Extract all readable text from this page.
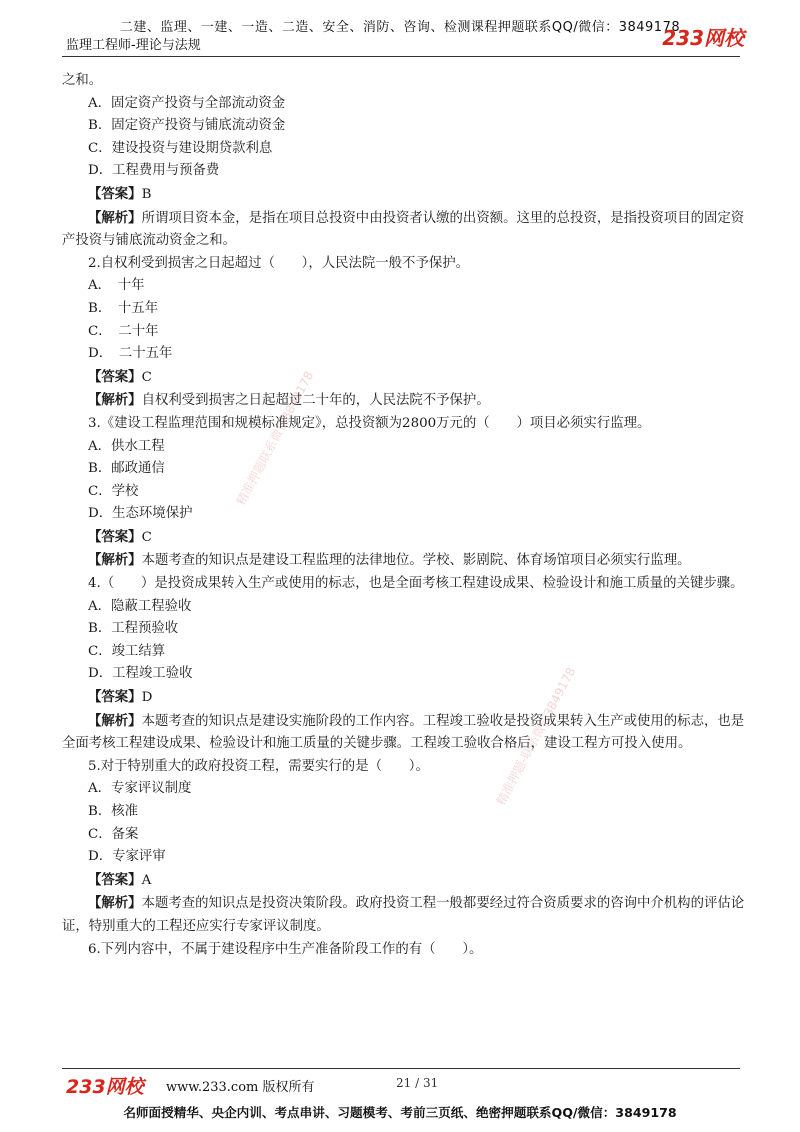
二建、监理、一建、一造、二造、安全、消防、咨询、检测课程押题联系QQ/微信：3849178
监理工程师-理论与法规	233网校
之和。
A．固定资产投资与全部流动资金
B．固定资产投资与铺底流动资金
C．建设投资与建设期贷款利息
D．工程费用与预备费
【答案】B
【解析】所谓项目资本金，是指在项目总投资中由投资者认缴的出资额。这里的总投资，是指投资项目的固定资产投资与铺底流动资金之和。
2.自权利受到损害之日起超过（　　），人民法院一般不予保护。
A．　十年
B．　十五年
C．　二十年
D．　二十五年
【答案】C
【解析】自权利受到损害之日起超过二十年的，人民法院不予保护。
3.《建设工程监理范围和规模标准规定》，总投资额为2800万元的（　　）项目必须实行监理。
A．供水工程
B．邮政通信
C．学校
D．生态环境保护
【答案】C
【解析】本题考查的知识点是建设工程监理的法律地位。学校、影剧院、体育场馆项目必须实行监理。
4.（　　）是投资成果转入生产或使用的标志，也是全面考核工程建设成果、检验设计和施工质量的关键步骤。
A．隐蔽工程验收
B．工程预验收
C．竣工结算
D．工程竣工验收
【答案】D
【解析】本题考查的知识点是建设实施阶段的工作内容。工程竣工验收是投资成果转入生产或使用的标志，也是全面考核工程建设成果、检验设计和施工质量的关键步骤。工程竣工验收合格后，建设工程方可投入使用。
5.对于特别重大的政府投资工程，需要实行的是（　　）。
A．专家评议制度
B．核准
C．备案
D．专家评审
【答案】A
【解析】本题考查的知识点是投资决策阶段。政府投资工程一般都要经过符合资质要求的咨询中介机构的评估论证，特别重大的工程还应实行专家评议制度。
6.下列内容中，不属于建设程序中生产准备阶段工作的有（　　）。
精准押题联系微信3849178
精准押题-联系微信3849178
233网校 www.233.com 版权所有	21 / 31
名师面授精华、央企内训、考点串讲、习题模考、考前三页纸、绝密押题联系QQ/微信：3849178
